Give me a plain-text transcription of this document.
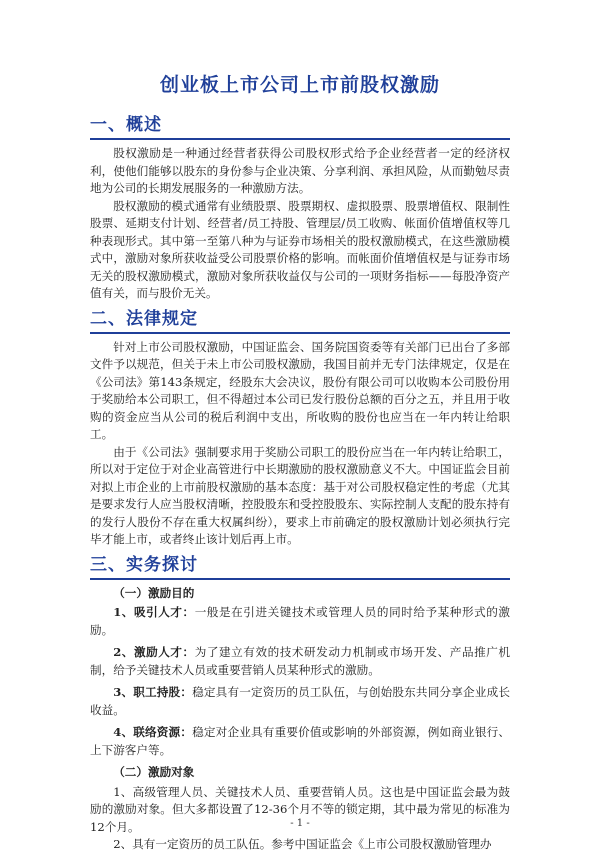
创业板上市公司上市前股权激励
一、概述

股权激励是一种通过经营者获得公司股权形式给予企业经营者一定的经济权利，使他们能够以股东的身份参与企业决策、分享利润、承担风险，从而勤勉尽责地为公司的长期发展服务的一种激励方法。

股权激励的模式通常有业绩股票、股票期权、虚拟股票、股票增值权、限制性股票、延期支付计划、经营者/员工持股、管理层/员工收购、帐面价值增值权等几种表现形式。其中第一至第八种为与证券市场相关的股权激励模式，在这些激励模式中，激励对象所获收益受公司股票价格的影响。而帐面价值增值权是与证券市场无关的股权激励模式，激励对象所获收益仅与公司的一项财务指标——每股净资产值有关，而与股价无关。

二、法律规定

针对上市公司股权激励，中国证监会、国务院国资委等有关部门已出台了多部文件予以规范，但关于未上市公司股权激励，我国目前并无专门法律规定，仅是在《公司法》第143条规定，经股东大会决议，股份有限公司可以收购本公司股份用于奖励给本公司职工，但不得超过本公司已发行股份总额的百分之五，并且用于收购的资金应当从公司的税后利润中支出，所收购的股份也应当在一年内转让给职工。

由于《公司法》强制要求用于奖励公司职工的股份应当在一年内转让给职工，所以对于定位于对企业高管进行中长期激励的股权激励意义不大。中国证监会目前对拟上市企业的上市前股权激励的基本态度：基于对公司股权稳定性的考虑（尤其是要求发行人应当股权清晰，控股股东和受控股股东、实际控制人支配的股东持有的发行人股份不存在重大权属纠纷），要求上市前确定的股权激励计划必须执行完毕才能上市，或者终止该计划后再上市。

三、实务探讨
（一）激励目的

1、吸引人才：一般是在引进关键技术或管理人员的同时给予某种形式的激励。

2、激励人才：为了建立有效的技术研发动力机制或市场开发、产品推广机制，给予关键技术人员或重要营销人员某种形式的激励。

3、职工持股：稳定具有一定资历的员工队伍，与创始股东共同分享企业成长收益。

4、联络资源：稳定对企业具有重要价值或影响的外部资源，例如商业银行、上下游客户等。

（二）激励对象

1、高级管理人员、关键技术人员、重要营销人员。这也是中国证监会最为鼓励的激励对象。但大多都设置了12-36个月不等的锁定期，其中最为常见的标准为12个月。

2、具有一定资历的员工队伍。参考中国证监会《上市公司股权激励管理办

- 1 -
